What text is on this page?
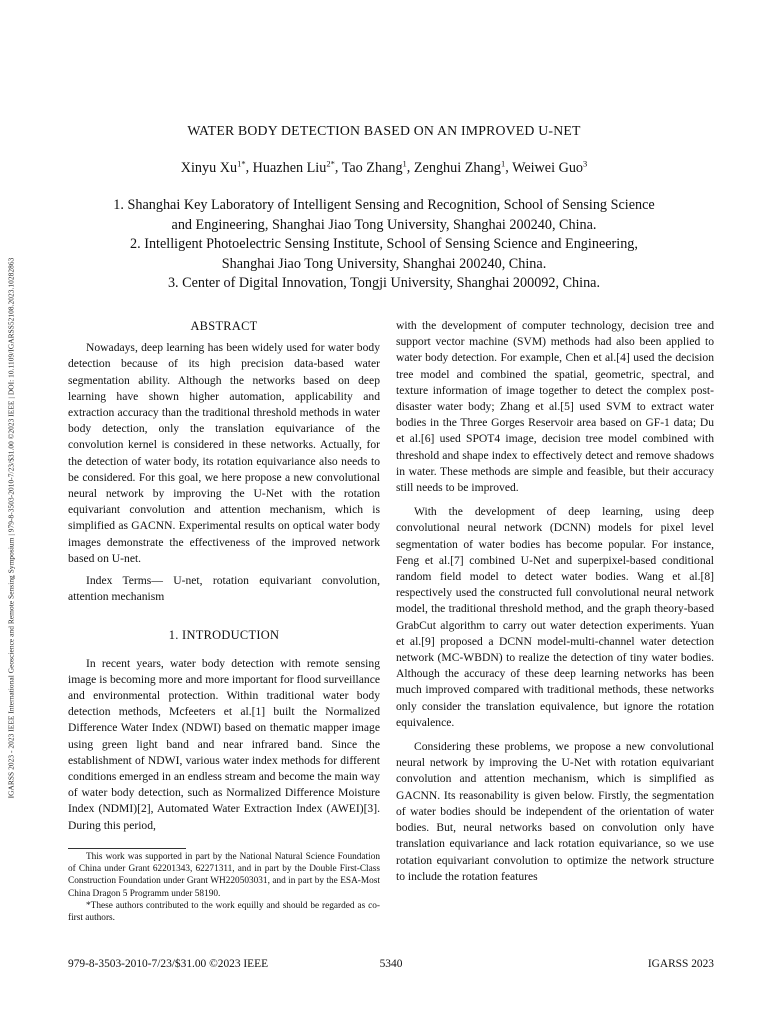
IGARSS 2023 - 2023 IEEE International Geoscience and Remote Sensing Symposium | 979-8-3503-2010-7/23/$31.00 ©2023 IEEE | DOI: 10.1109/IGARSS52108.2023.10282863
WATER BODY DETECTION BASED ON AN IMPROVED U-NET
Xinyu $Xu^{1*}$, Huazhen Liu$^{2*}$, Tao Zhang$^1$, Zenghui Zhang$^1$, Weiwei Guo$^3$
1. Shanghai Key Laboratory of Intelligent Sensing and Recognition, School of Sensing Science
and Engineering, Shanghai Jiao Tong University, Shanghai 200240, China.
2. Intelligent Photoelectric Sensing Institute, School of Sensing Science and Engineering,
Shanghai Jiao Tong University, Shanghai 200240, China.
3. Center of Digital Innovation, Tongji University, Shanghai 200092, China.
ABSTRACT

Nowadays, deep learning has been widely used for water body detection because of its high precision data-based water segmentation ability. Although the networks based on deep learning have shown higher automation, applicability and extraction accuracy than the traditional threshold methods in water body detection, only the translation equivariance of the convolution kernel is considered in these networks. Actually, for the detection of water body, its rotation equivariance also needs to be considered. For this goal, we here propose a new convolutional neural network by improving the U-Net with the rotation equivariant convolution and attention mechanism, which is simplified as GACNN. Experimental results on optical water body images demonstrate the effectiveness of the improved network based on U-net.

Index Terms— U-net, rotation equivariant convolution, attention mechanism

1. INTRODUCTION

In recent years, water body detection with remote sensing image is becoming more and more important for flood surveillance and environmental protection. Within traditional water body detection methods, Mcfeeters et al.[1] built the Normalized Difference Water Index (NDWI) based on thematic mapper image using green light band and near infrared band. Since the establishment of NDWI, various water index methods for different conditions emerged in an endless stream and become the main way of water body detection, such as Normalized Difference Moisture Index (NDMI)[2], Automated Water Extraction Index (AWEI)[3]. During this period,

with the development of computer technology, decision tree and support vector machine (SVM) methods had also been applied to water body detection. For example, Chen et al.[4] used the decision tree model and combined the spatial, geometric, spectral, and texture information of image together to detect the complex post-disaster water body; Zhang et al.[5] used SVM to extract water bodies in the Three Gorges Reservoir area based on GF-1 data; Du et al.[6] used SPOT4 image, decision tree model combined with threshold and shape index to effectively detect and remove shadows in water. These methods are simple and feasible, but their accuracy still needs to be improved.

With the development of deep learning, using deep convolutional neural network (DCNN) models for pixel level segmentation of water bodies has become popular. For instance, Feng et al.[7] combined U-Net and superpixel-based conditional random field model to detect water bodies. Wang et al.[8] respectively used the constructed full convolutional neural network model, the traditional threshold method, and the graph theory-based GrabCut algorithm to carry out water detection experiments. Yuan et al.[9] proposed a DCNN model-multi-channel water detection network (MC-WBDN) to realize the detection of tiny water bodies. Although the accuracy of these deep learning networks has been much improved compared with traditional methods, these networks only consider the translation equivalence, but ignore the rotation equivalence.

Considering these problems, we propose a new convolutional neural network by improving the U-Net with rotation equivariant convolution and attention mechanism, which is simplified as GACNN. Its reasonability is given below. Firstly, the segmentation of water bodies should be independent of the orientation of water bodies. But, neural networks based on convolution only have translation equivariance and lack rotation equivariance, so we use rotation equivariant convolution to optimize the network structure to include the rotation features

This work was supported in part by the National Natural Science Foundation of China under Grant 62201343, 62271311, and in part by the Double First-Class Construction Foundation under Grant WH220503031, and in part by the ESA-Most China Dragon 5 Programm under 58190.

*These authors contributed to the work equilly and should be regarded as co-first authors.

979-8-3503-2010-7/23/$31.00 ©2023 IEEE	5340	IGARSS 2023
